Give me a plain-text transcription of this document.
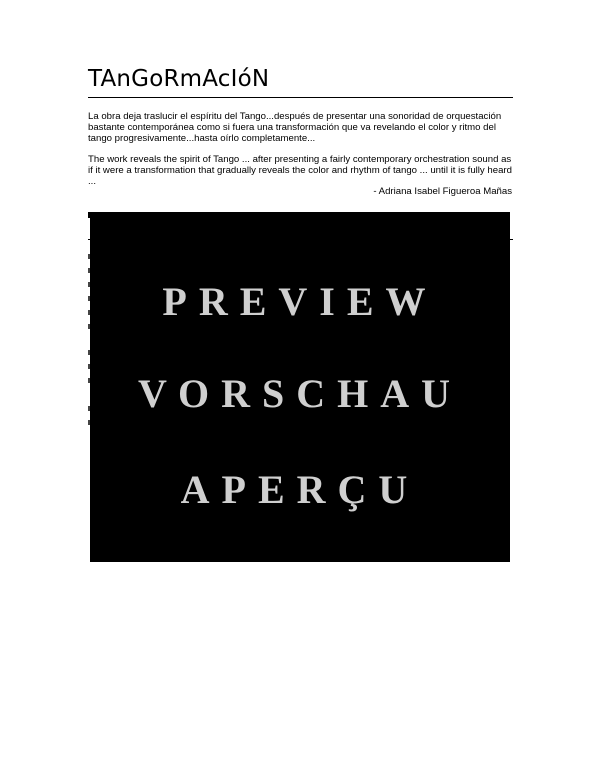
TAnGoRmAcIóN

La obra deja traslucir el espíritu del Tango...después de presentar una sonoridad de orquestación bastante contemporánea como si fuera una transformación que va revelando el color y ritmo del tango progresivamente...hasta oírlo completamente...

The work reveals the spirit of Tango ... after presenting a fairly contemporary orchestration sound as if it were a transformation that gradually reveals the color and rhythm of tango ... until it is fully heard ...

- Adriana Isabel Figueroa Mañas
PREVIEW
VORSCHAU
APERÇU
